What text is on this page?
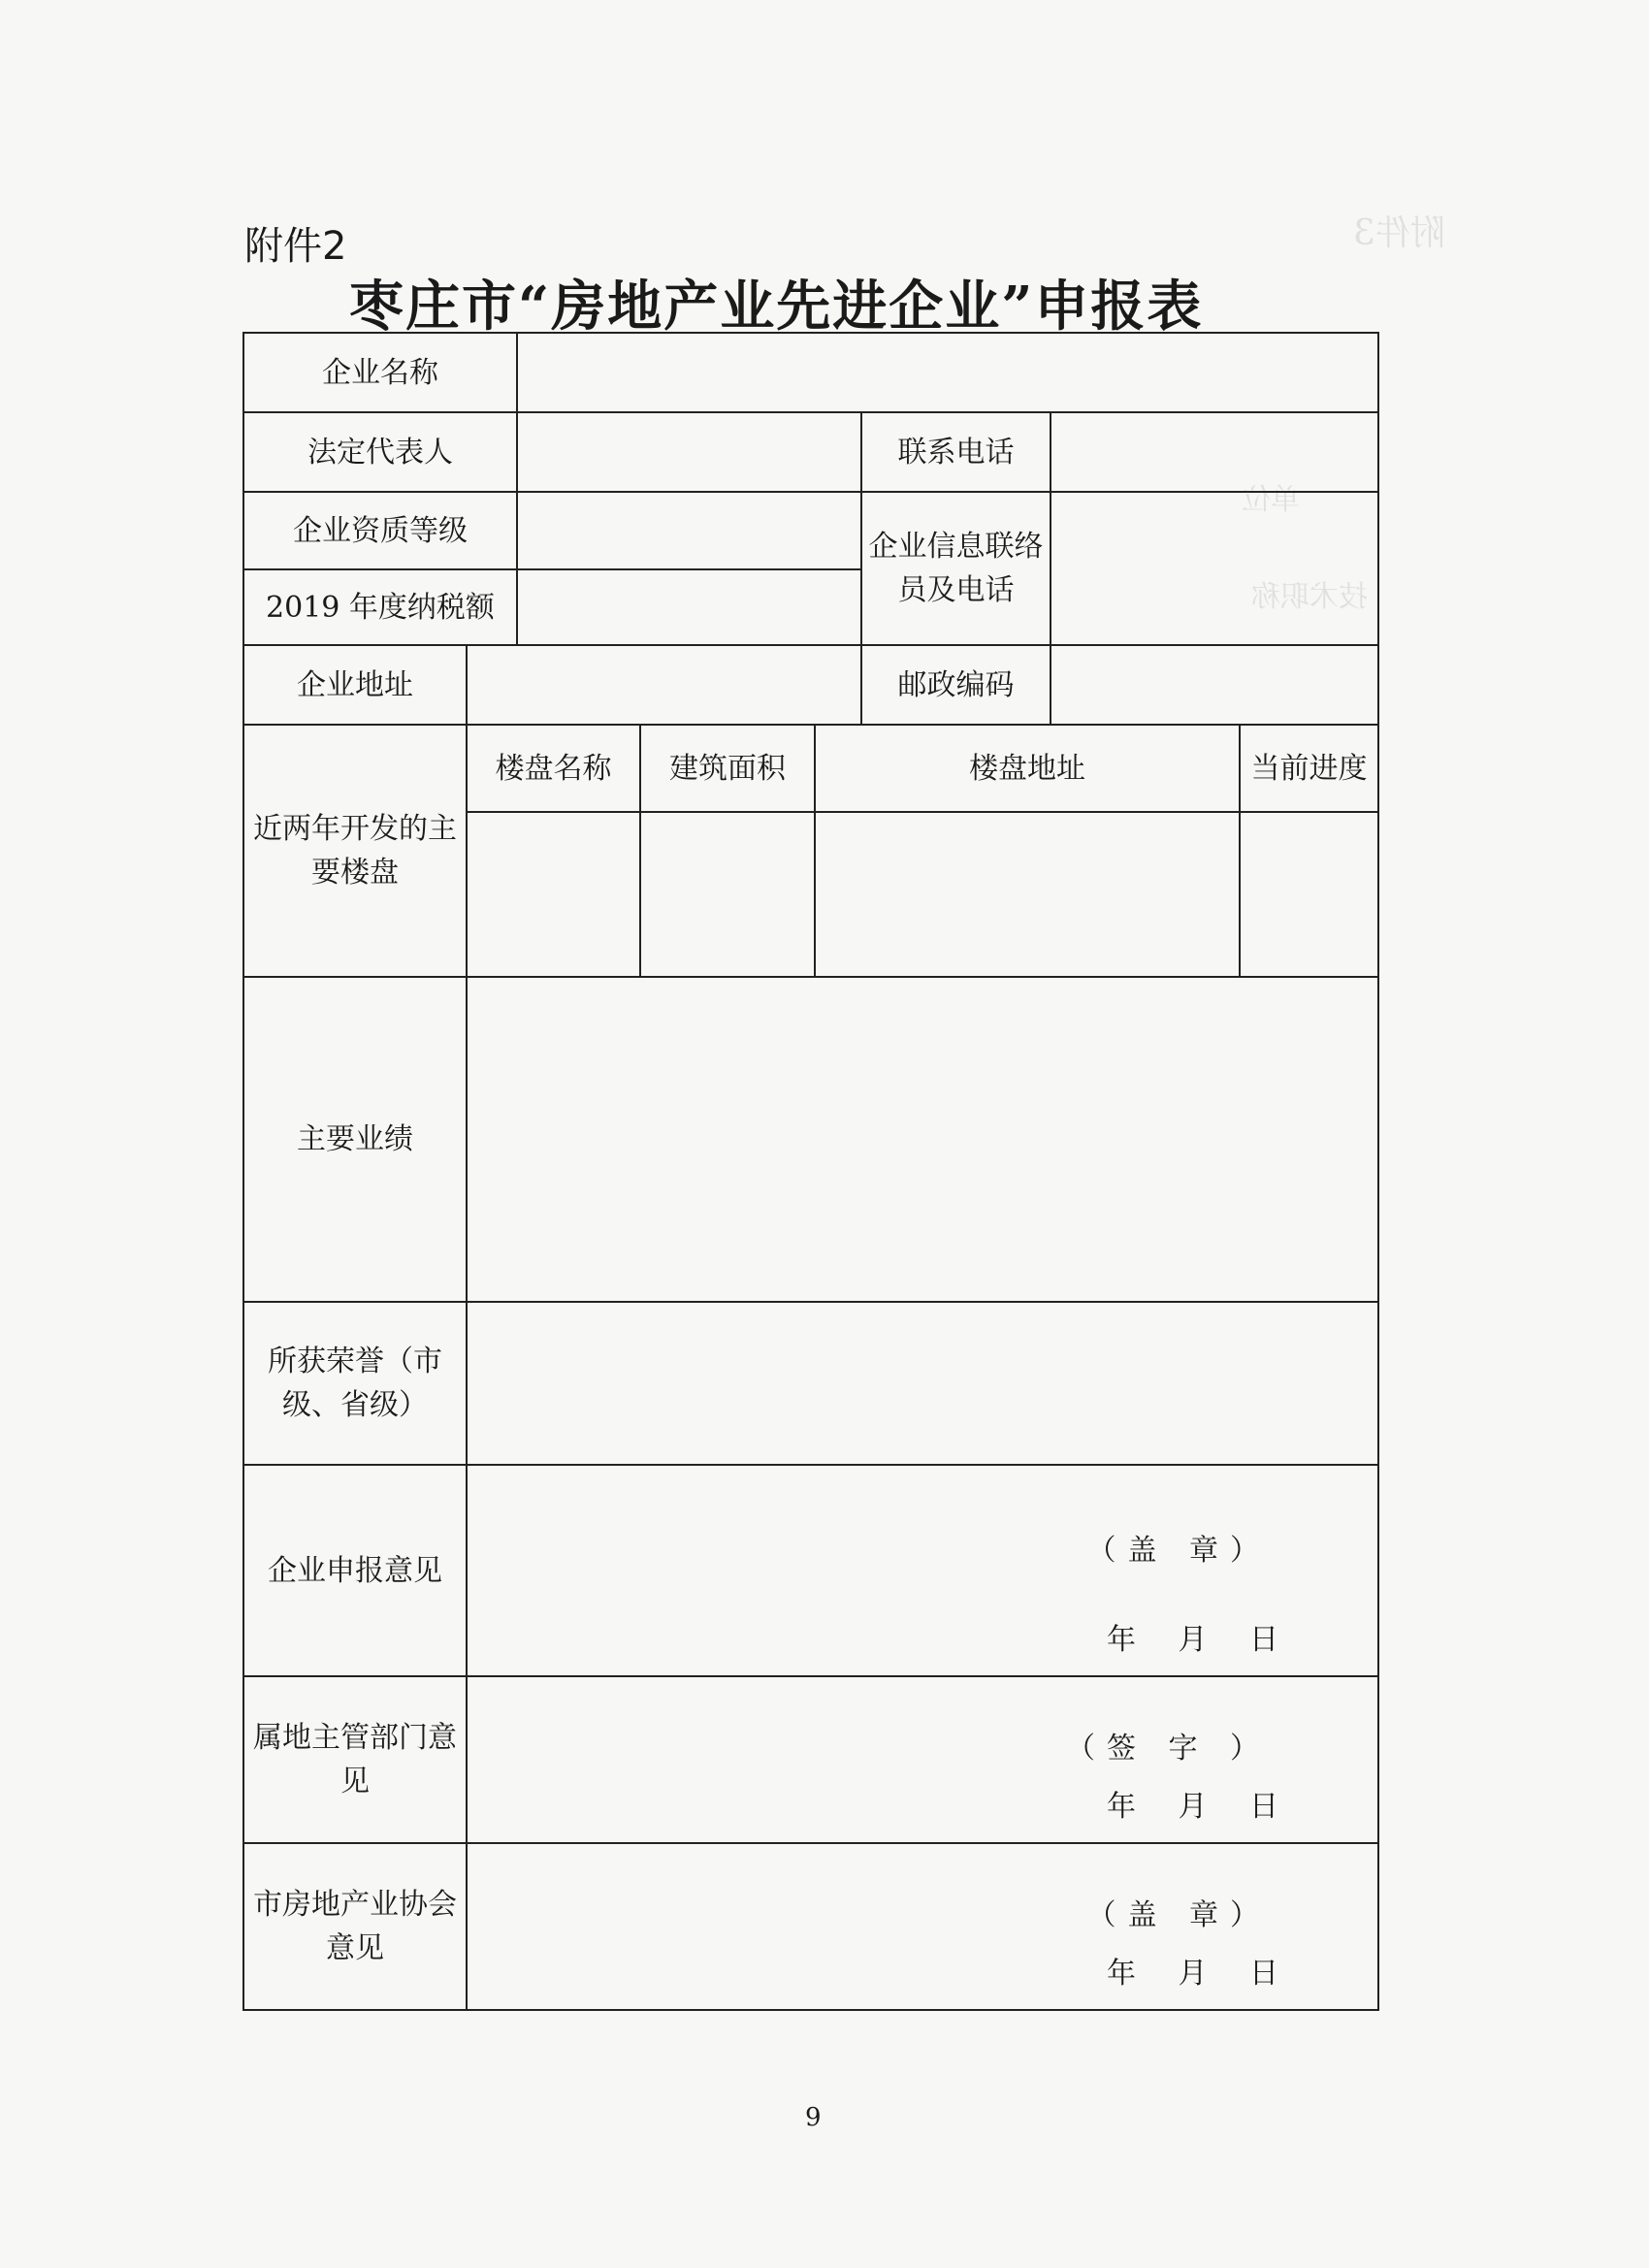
附件3
单位
技术职称
附件2
枣庄市“房地产业先进企业”申报表
企业名称							
法定代表人					联系电话		
企业资质等级					企业信息联络员及电话		
2019 年度纳税额							
企业地址					邮政编码		
近两年开发的主要楼盘	楼盘名称		建筑面积	楼盘地址			当前进度

主要业绩							
所获荣誉（市级、省级）							
企业申报意见	（盖 章）
年 月 日						

属地主管部门意见	（签 字 ）
年 月 日						

市房地产业协会意见	（盖 章）
年 月 日						
9
